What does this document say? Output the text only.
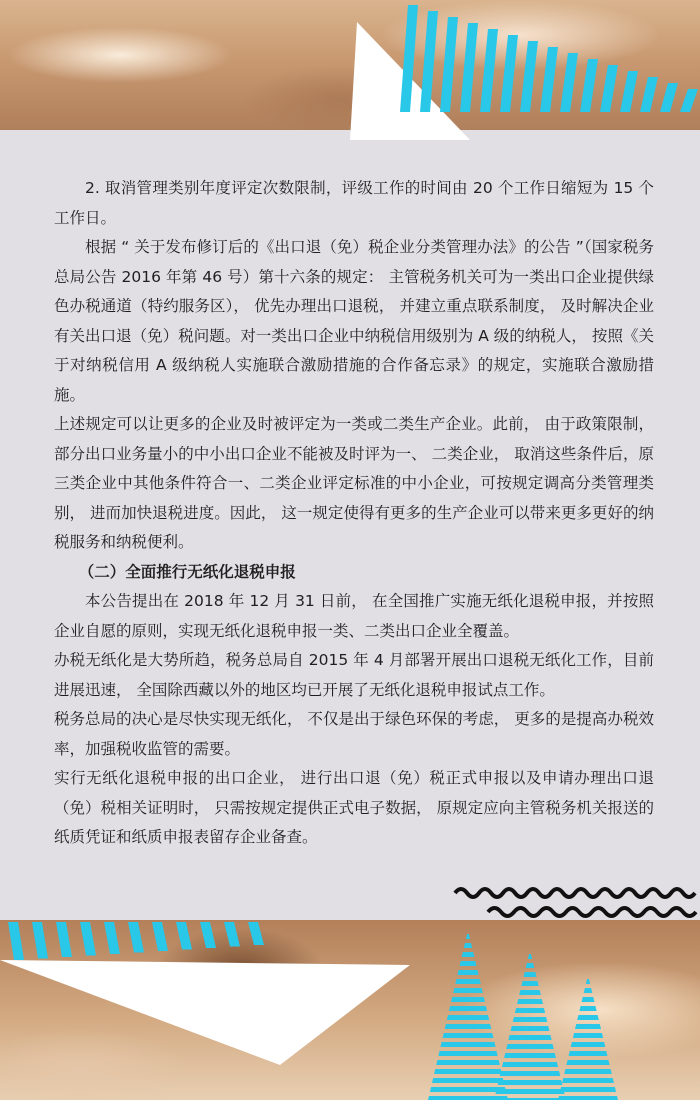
2. 取消管理类别年度评定次数限制，评级工作的时间由 20 个工作日缩短为 15 个工作日。

根据 “ 关于发布修订后的《出口退（免）税企业分类管理办法》的公告 ”（国家税务总局公告 2016 年第 46 号）第十六条的规定： 主管税务机关可为一类出口企业提供绿色办税通道（特约服务区）， 优先办理出口退税， 并建立重点联系制度， 及时解决企业有关出口退（免）税问题。对一类出口企业中纳税信用级别为 A 级的纳税人， 按照《关于对纳税信用 A 级纳税人实施联合激励措施的合作备忘录》的规定，实施联合激励措施。

上述规定可以让更多的企业及时被评定为一类或二类生产企业。此前， 由于政策限制， 部分出口业务量小的中小出口企业不能被及时评为一、 二类企业， 取消这些条件后，原三类企业中其他条件符合一、二类企业评定标准的中小企业，可按规定调高分类管理类别， 进而加快退税进度。因此， 这一规定使得有更多的生产企业可以带来更多更好的纳税服务和纳税便利。

（二）全面推行无纸化退税申报

本公告提出在 2018 年 12 月 31 日前， 在全国推广实施无纸化退税申报，并按照企业自愿的原则，实现无纸化退税申报一类、二类出口企业全覆盖。

办税无纸化是大势所趋，税务总局自 2015 年 4 月部署开展出口退税无纸化工作，目前进展迅速， 全国除西藏以外的地区均已开展了无纸化退税申报试点工作。

税务总局的决心是尽快实现无纸化， 不仅是出于绿色环保的考虑， 更多的是提高办税效率，加强税收监管的需要。

实行无纸化退税申报的出口企业， 进行出口退（免）税正式申报以及申请办理出口退（免）税相关证明时， 只需按规定提供正式电子数据， 原规定应向主管税务机关报送的纸质凭证和纸质申报表留存企业备查。
